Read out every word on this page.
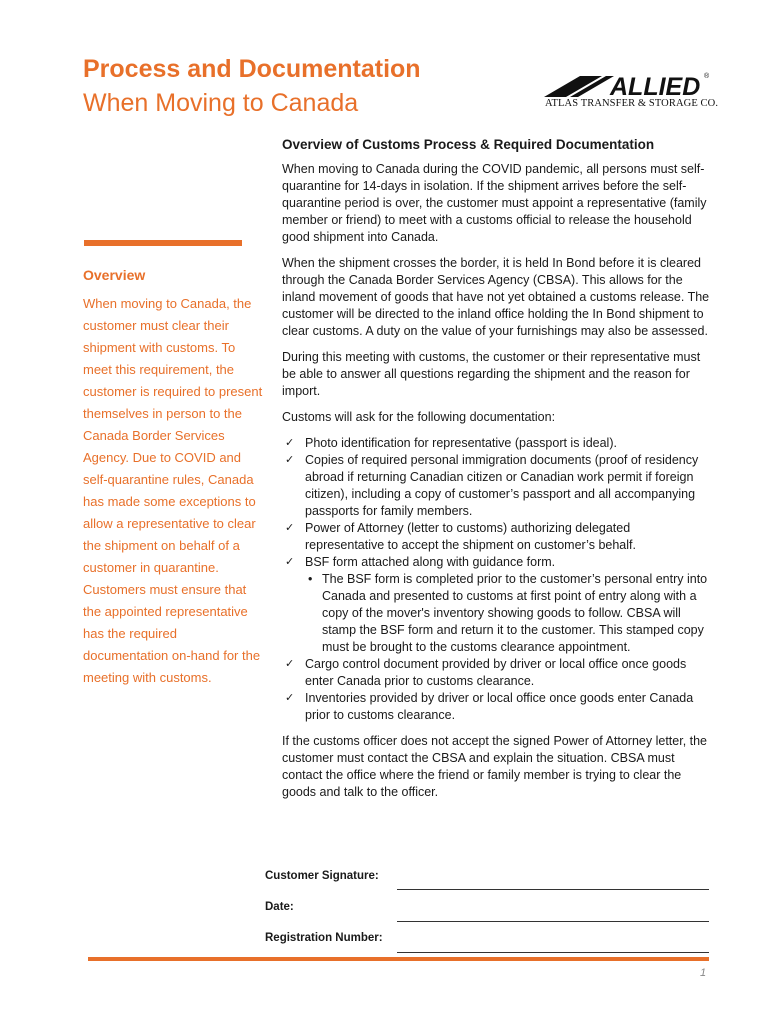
Process and Documentation
When Moving to Canada
ALLIED ®
ATLAS TRANSFER & STORAGE CO.
Overview of Customs Process & Required Documentation
Overview

When moving to Canada, the customer must clear their shipment with customs. To meet this requirement, the customer is required to present themselves in person to the Canada Border Services Agency. Due to COVID and self-quarantine rules, Canada has made some exceptions to allow a representative to clear the shipment on behalf of a customer in quarantine. Customers must ensure that the appointed representative has the required documentation on-hand for the meeting with customs.

When moving to Canada during the COVID pandemic, all persons must self-quarantine for 14-days in isolation. If the shipment arrives before the self-quarantine period is over, the customer must appoint a representative (family member or friend) to meet with a customs official to release the household good shipment into Canada.

When the shipment crosses the border, it is held In Bond before it is cleared through the Canada Border Services Agency (CBSA). This allows for the inland movement of goods that have not yet obtained a customs release. The customer will be directed to the inland office holding the In Bond shipment to clear customs. A duty on the value of your furnishings may also be assessed.

During this meeting with customs, the customer or their representative must be able to answer all questions regarding the shipment and the reason for import.

Customs will ask for the following documentation:

✓ Photo identification for representative (passport is ideal).
✓ Copies of required personal immigration documents (proof of residency abroad if returning Canadian citizen or Canadian work permit if foreign citizen), including a copy of customer’s passport and all accompanying passports for family members.
✓ Power of Attorney (letter to customs) authorizing delegated representative to accept the shipment on customer’s behalf.
✓ BSF form attached along with guidance form.
• The BSF form is completed prior to the customer’s personal entry into Canada and presented to customs at first point of entry along with a copy of the mover's inventory showing goods to follow. CBSA will stamp the BSF form and return it to the customer. This stamped copy must be brought to the customs clearance appointment.
✓ Cargo control document provided by driver or local office once goods enter Canada prior to customs clearance.
✓ Inventories provided by driver or local office once goods enter Canada prior to customs clearance.

If the customs officer does not accept the signed Power of Attorney letter, the customer must contact the CBSA and explain the situation. CBSA must contact the office where the friend or family member is trying to clear the goods and talk to the officer.

Customer Signature:
Date:
Registration Number:
1
